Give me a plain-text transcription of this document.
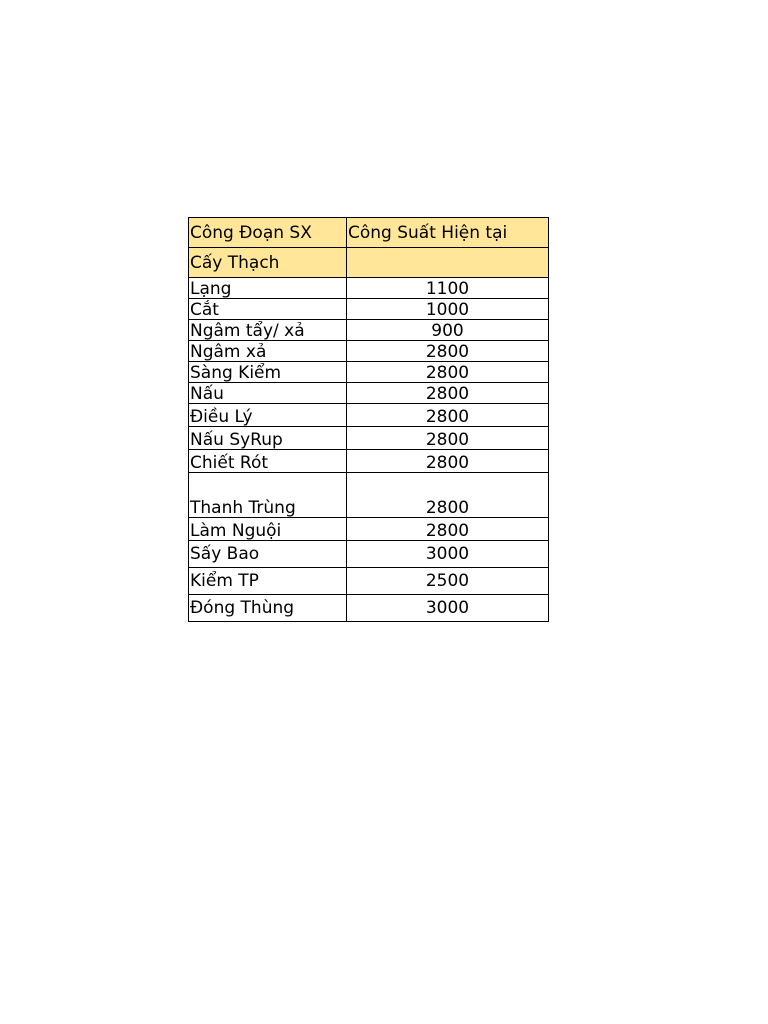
Công Đoạn SX	Công Suất Hiện tại
Cấy Thạch	
Lạng	1100
Cắt	1000
Ngâm tẩy/ xả	900
Ngâm xả	2800
Sàng Kiểm	2800
Nấu	2800
Điều Lý	2800
Nấu SyRup	2800
Chiết Rót	2800
Thanh Trùng	2800
Làm Nguội	2800
Sấy Bao	3000
Kiểm TP	2500
Đóng Thùng	3000
